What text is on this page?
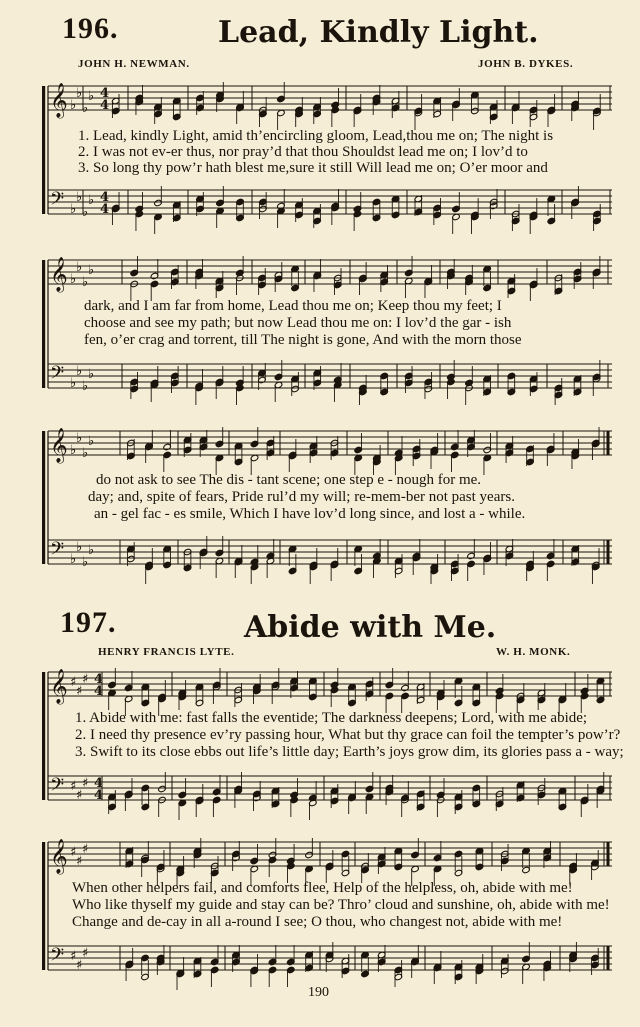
196.	Lead, Kindly Light.
JOHN H. NEWMAN.	JOHN B. DYKES.
𝄞 ♭
♭
♭
♭
𝄢 ♭
♭
♭
♭
4
4
4
4
1. Lead, kindly Light, amid th’encircling gloom, Lead,thou me on; The night is
2. I was not ev-er thus, nor pray’d that thou Shouldst lead me on; I lov’d to
3. So long thy pow’r hath blest me,sure it still Will lead me on; O’er moor and
𝄞 ♭
♭
♭
♭
𝄢 ♭
♭
♭
♭
dark, and I am far from home, Lead thou me on; Keep thou my feet; I
choose and see my path; but now Lead thou me on: I lov’d the gar - ish
fen, o’er crag and torrent, till The night is gone, And with the morn those
𝄞 ♭
♭
♭
♭
𝄢 ♭
♭
♭
♭
do not ask to see The dis - tant scene; one step e - nough for me.
day; and, spite of fears, Pride rul’d my will; re-mem-ber not past years.
an - gel fac - es smile, Which I have lov’d long since, and lost a - while.
197.	Abide with Me.
HENRY FRANCIS LYTE.	W. H. MONK.
𝄞 ♯
♯
♯
𝄢 ♯
♯
♯
4
4
4
4
1. Abide with me: fast falls the eventide; The darkness deepens; Lord, with me abide;
2. I need thy presence ev’ry passing hour, What but thy grace can foil the tempter’s pow’r?
3. Swift to its close ebbs out life’s little day; Earth’s joys grow dim, its glories pass a - way;
𝄞 ♯
♯
♯
𝄢 ♯
♯
♯
When other helpers fail, and comforts flee, Help of the helpless, oh, abide with me!
Who like thyself my guide and stay can be? Thro’ cloud and sunshine, oh, abide with me!
Change and de-cay in all a-round I see; O thou, who changest not, abide with me!
190
